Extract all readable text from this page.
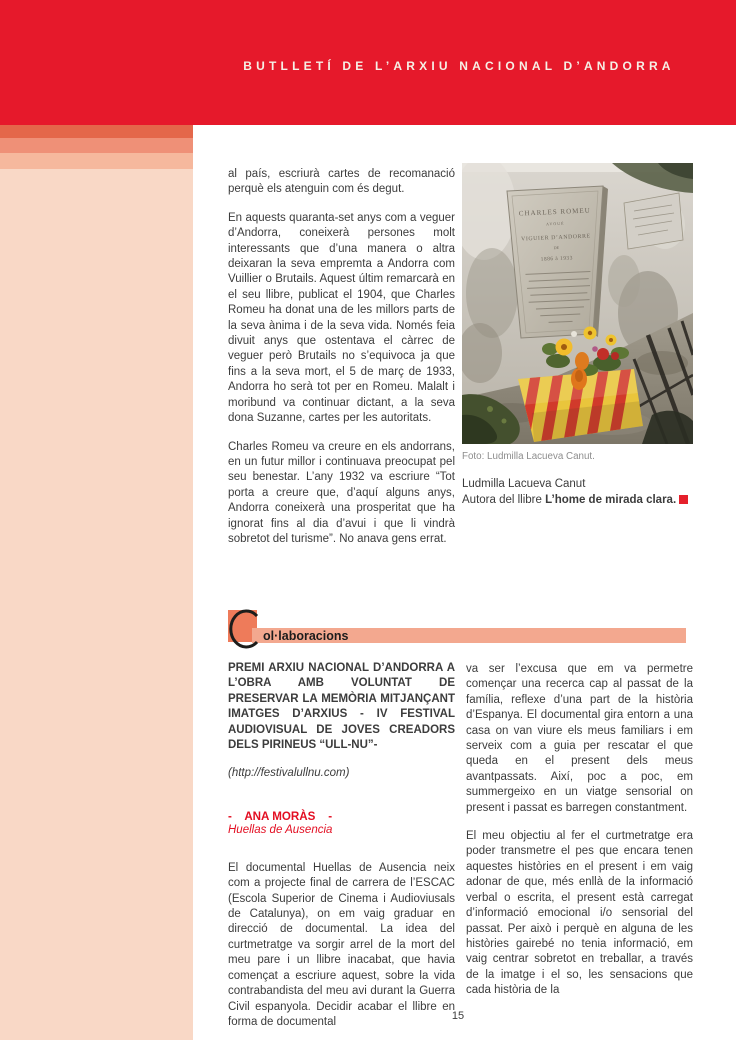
BUTLLETÍ DE L’ARXIU NACIONAL D’ANDORRA

al país, escriurà cartes de recomanació perquè els atenguin com és degut.

En aquests quaranta-set anys com a veguer d’Andorra, coneixerà persones molt interessants que d’una manera o altra deixaran la seva empremta a Andorra com Vuillier o Brutails. Aquest últim remarcarà en el seu llibre, publicat el 1904, que Charles Romeu ha donat una de les millors parts de la seva ànima i de la seva vida. Només feia divuit anys que ostentava el càrrec de veguer però Brutails no s’equivoca ja que fins a la seva mort, el 5 de març de 1933, Andorra ho serà tot per en Romeu. Malalt i moribund va continuar dictant, a la seva dona Suzanne, cartes per les autoritats.

Charles Romeu va creure en els andorrans, en un futur millor i continuava preocupat pel seu benestar. L’any 1932 va escriure “Tot porta a creure que, d’aquí alguns anys, Andorra coneixerà una prosperitat que ha ignorat fins al dia d’avui i que li vindrà sobretot del turisme”. No anava gens errat.

CHARLES ROMEU
AVOUÉ
VIGUIER D’ANDORRE
DE
1886 à 1933
Foto: Ludmilla Lacueva Canut.
Ludmilla Lacueva Canut
Autora del llibre L’home de mirada clara.
ol·laboracions

PREMI ARXIU NACIONAL D’ANDORRA A L’OBRA AMB VOLUNTAT DE PRESERVAR LA MEMÒRIA MITJANÇANT IMATGES D’ARXIUS - IV FESTIVAL AUDIOVISUAL DE JOVES CREADORS DELS PIRINEUS “ULL-NU”-

(http://festivalullnu.com)

-    ANA MORÀS    -
Huellas de Ausencia

El documental Huellas de Ausencia neix com a projecte final de carrera de l’ESCAC (Escola Superior de Cinema i Audioviusals de Catalunya), on em vaig graduar en direcció de documental. La idea del curtmetratge va sorgir arrel de la mort del meu pare i un llibre inacabat, que havia començat a escriure aquest, sobre la vida contrabandista del meu avi durant la Guerra Civil espanyola. Decidir acabar el llibre en forma de documental

va ser l’excusa que em va permetre començar una recerca cap al passat de la família, reflexe d’una part de la història d’Espanya. El documental gira entorn a una casa on van viure els meus familiars i em serveix com a guia per rescatar el que queda en el present dels meus avantpassats. Així, poc a poc, em summergeixo en un viatge sensorial on present i passat es barregen constantment.

El meu objectiu al fer el curtmetratge era poder transmetre el pes que encara tenen aquestes històries en el present i em vaig adonar de que, més enllà de la informació verbal o escrita, el present està carregat d’informació emocional i/o sensorial del passat. Per això i perquè en alguna de les històries gairebé no tenia informació, em vaig centrar sobretot en treballar, a través de la imatge i el so, les sensacions que cada història de la

15
